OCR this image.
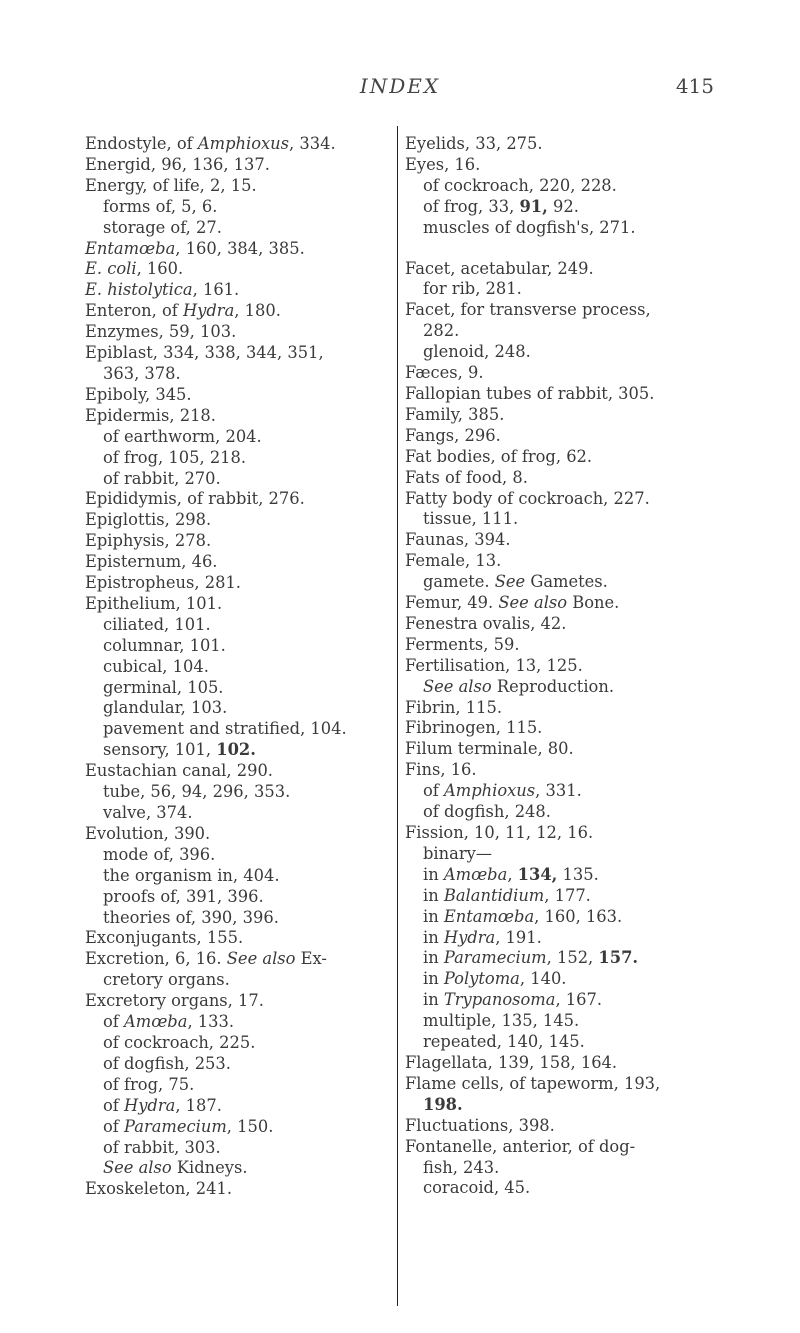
INDEX	415
Endostyle, of Amphioxus, 334.
Energid, 96, 136, 137.
Energy, of life, 2, 15.
forms of, 5, 6.
storage of, 27.
Entamœba, 160, 384, 385.
E. coli, 160.
E. histolytica, 161.
Enteron, of Hydra, 180.
Enzymes, 59, 103.
Epiblast, 334, 338, 344, 351,
363, 378.
Epiboly, 345.
Epidermis, 218.
of earthworm, 204.
of frog, 105, 218.
of rabbit, 270.
Epididymis, of rabbit, 276.
Epiglottis, 298.
Epiphysis, 278.
Episternum, 46.
Epistropheus, 281.
Epithelium, 101.
ciliated, 101.
columnar, 101.
cubical, 104.
germinal, 105.
glandular, 103.
pavement and stratified, 104.
sensory, 101, 102.
Eustachian canal, 290.
tube, 56, 94, 296, 353.
valve, 374.
Evolution, 390.
mode of, 396.
the organism in, 404.
proofs of, 391, 396.
theories of, 390, 396.
Exconjugants, 155.
Excretion, 6, 16. See also Ex-
cretory organs.
Excretory organs, 17.
of Amœba, 133.
of cockroach, 225.
of dogfish, 253.
of frog, 75.
of Hydra, 187.
of Paramecium, 150.
of rabbit, 303.
See also Kidneys.
Exoskeleton, 241.
Eyelids, 33, 275.
Eyes, 16.
of cockroach, 220, 228.
of frog, 33, 91, 92.
muscles of dogfish's, 271.
Facet, acetabular, 249.
for rib, 281.
Facet, for transverse process,
282.
glenoid, 248.
Fæces, 9.
Fallopian tubes of rabbit, 305.
Family, 385.
Fangs, 296.
Fat bodies, of frog, 62.
Fats of food, 8.
Fatty body of cockroach, 227.
tissue, 111.
Faunas, 394.
Female, 13.
gamete. See Gametes.
Femur, 49. See also Bone.
Fenestra ovalis, 42.
Ferments, 59.
Fertilisation, 13, 125.
See also Reproduction.
Fibrin, 115.
Fibrinogen, 115.
Filum terminale, 80.
Fins, 16.
of Amphioxus, 331.
of dogfish, 248.
Fission, 10, 11, 12, 16.
binary—
in Amœba, 134, 135.
in Balantidium, 177.
in Entamœba, 160, 163.
in Hydra, 191.
in Paramecium, 152, 157.
in Polytoma, 140.
in Trypanosoma, 167.
multiple, 135, 145.
repeated, 140, 145.
Flagellata, 139, 158, 164.
Flame cells, of tapeworm, 193,
198.
Fluctuations, 398.
Fontanelle, anterior, of dog-
fish, 243.
coracoid, 45.
